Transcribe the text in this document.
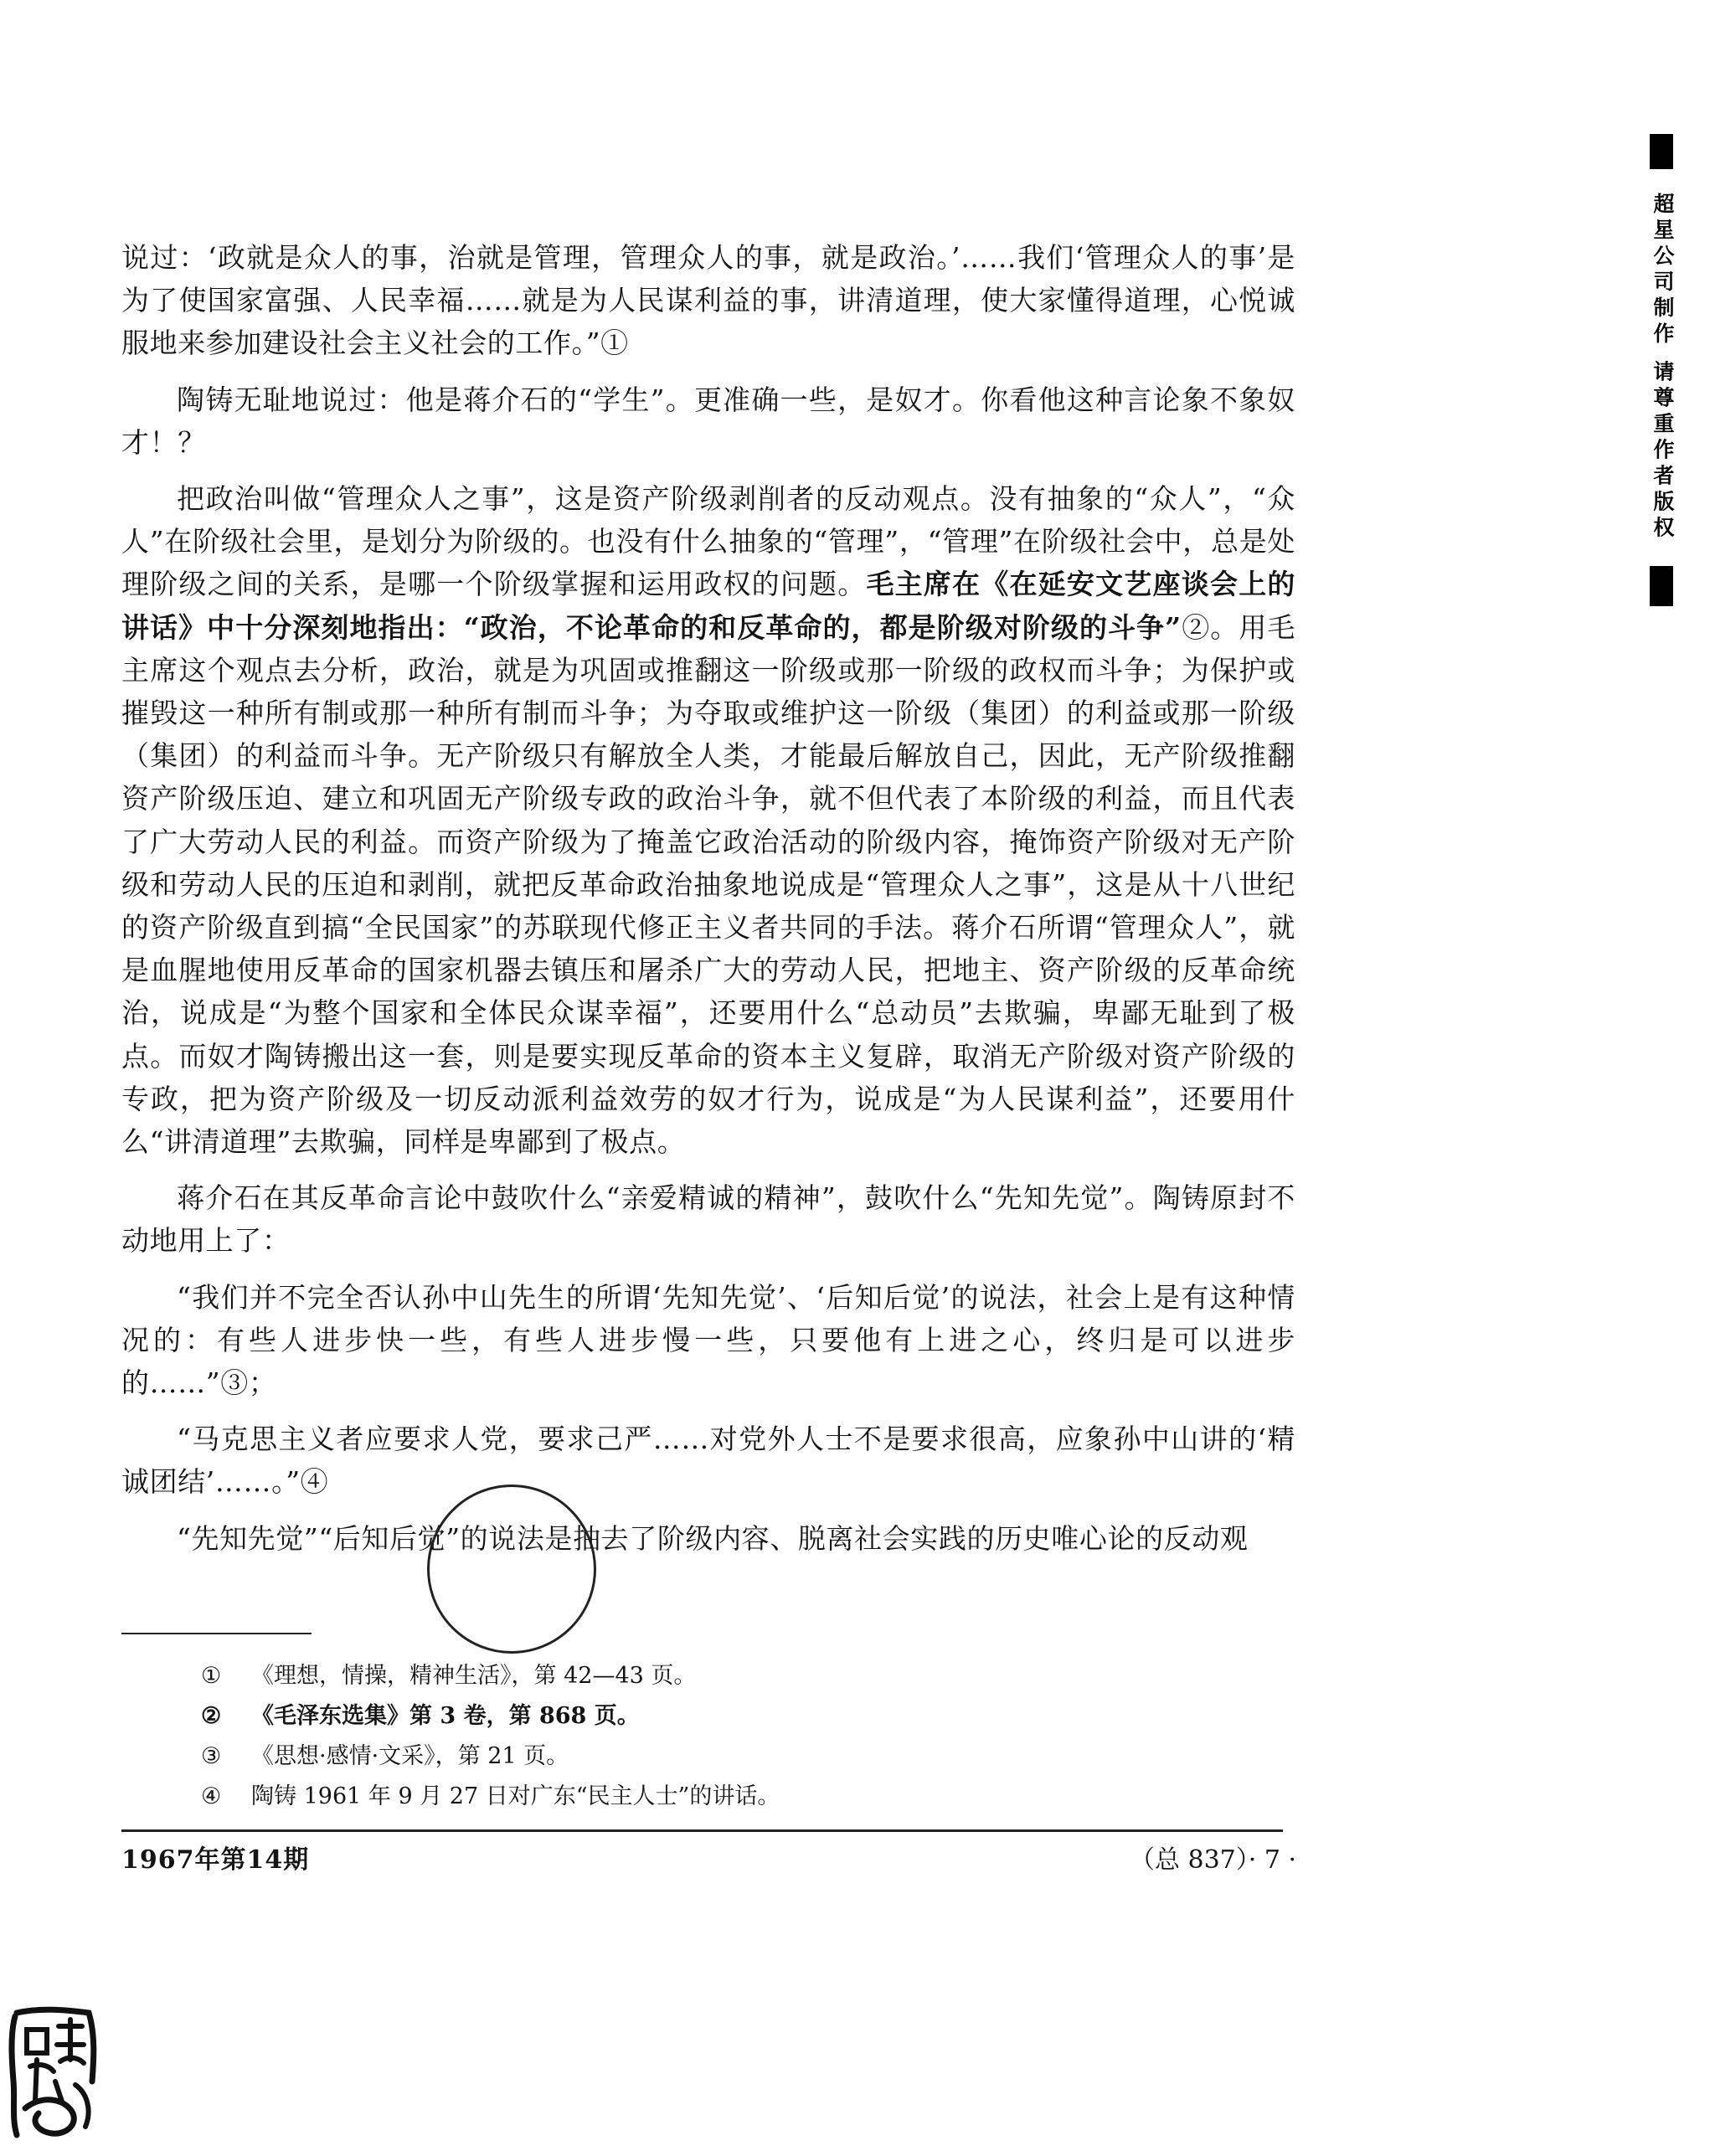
说过：‘政就是众人的事，治就是管理，管理众人的事，就是政治。’……我们‘管理众人的事’是为了使国家富强、人民幸福……就是为人民谋利益的事，讲清道理，使大家懂得道理，心悦诚服地来参加建设社会主义社会的工作。”①

陶铸无耻地说过：他是蒋介石的“学生”。更准确一些，是奴才。你看他这种言论象不象奴才！？

把政治叫做“管理众人之事”，这是资产阶级剥削者的反动观点。没有抽象的“众人”，“众人”在阶级社会里，是划分为阶级的。也没有什么抽象的“管理”，“管理”在阶级社会中，总是处理阶级之间的关系，是哪一个阶级掌握和运用政权的问题。毛主席在《在延安文艺座谈会上的讲话》中十分深刻地指出：“政治，不论革命的和反革命的，都是阶级对阶级的斗争”②。用毛主席这个观点去分析，政治，就是为巩固或推翻这一阶级或那一阶级的政权而斗争；为保护或摧毁这一种所有制或那一种所有制而斗争；为夺取或维护这一阶级（集团）的利益或那一阶级（集团）的利益而斗争。无产阶级只有解放全人类，才能最后解放自己，因此，无产阶级推翻资产阶级压迫、建立和巩固无产阶级专政的政治斗争，就不但代表了本阶级的利益，而且代表了广大劳动人民的利益。而资产阶级为了掩盖它政治活动的阶级内容，掩饰资产阶级对无产阶级和劳动人民的压迫和剥削，就把反革命政治抽象地说成是“管理众人之事”，这是从十八世纪的资产阶级直到搞“全民国家”的苏联现代修正主义者共同的手法。蒋介石所谓“管理众人”，就是血腥地使用反革命的国家机器去镇压和屠杀广大的劳动人民，把地主、资产阶级的反革命统治，说成是“为整个国家和全体民众谋幸福”，还要用什么“总动员”去欺骗，卑鄙无耻到了极点。而奴才陶铸搬出这一套，则是要实现反革命的资本主义复辟，取消无产阶级对资产阶级的专政，把为资产阶级及一切反动派利益效劳的奴才行为，说成是“为人民谋利益”，还要用什么“讲清道理”去欺骗，同样是卑鄙到了极点。

蒋介石在其反革命言论中鼓吹什么“亲爱精诚的精神”，鼓吹什么“先知先觉”。陶铸原封不动地用上了：

“我们并不完全否认孙中山先生的所谓‘先知先觉’、‘后知后觉’的说法，社会上是有这种情况的：有些人进步快一些，有些人进步慢一些，只要他有上进之心，终归是可以进步的……”③；

“马克思主义者应要求人党，要求己严……对党外人士不是要求很高，应象孙中山讲的‘精诚团结’……。”④

“先知先觉”“后知后觉”的说法是抽去了阶级内容、脱离社会实践的历史唯心论的反动观

① 《理想，情操，精神生活》，第 42—43 页。
② 《毛泽东选集》第 3 卷，第 868 页。
③ 《思想·感情·文采》，第 21 页。
④ 陶铸 1961 年 9 月 27 日对广东“民主人士”的讲话。
1967年第14期	（总 837）· 7 ·
超星公司制作 请尊重作者版权
